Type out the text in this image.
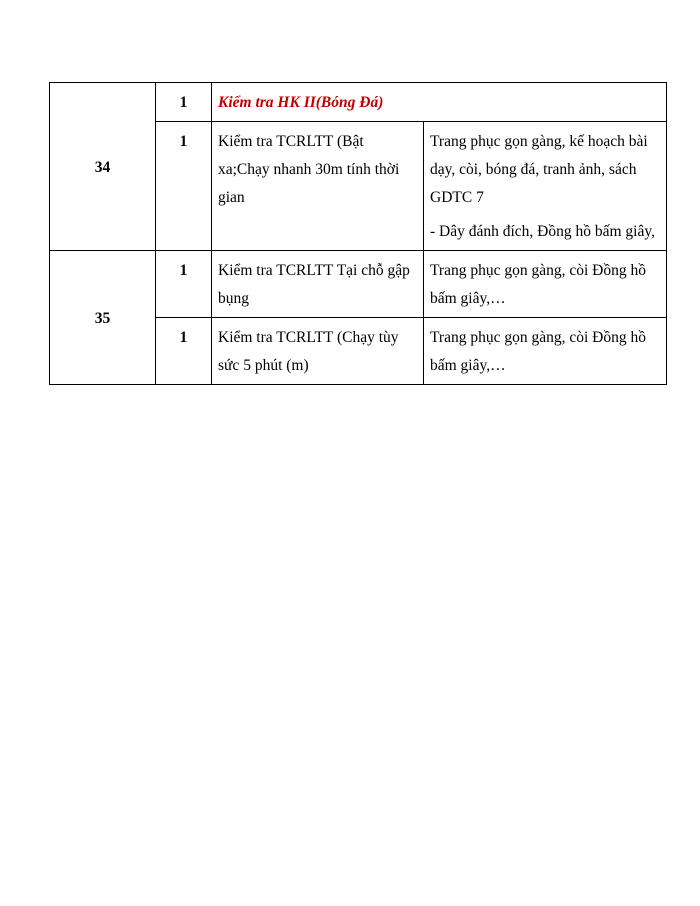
34	1	Kiểm tra HK II(Bóng Đá)	
	1	Kiểm tra TCRLTT (Bật xa;Chạy nhanh 30m tính thời gian	Trang phục gọn gàng, kế hoạch bài dạy, còi, bóng đá, tranh ảnh, sách GDTC 7
- Dây đánh đích, Đồng hồ bấm giây,

35	1	Kiểm tra TCRLTT Tại chỗ gập bụng	Trang phục gọn gàng, còi Đồng hồ bấm giây,…

	1	Kiểm tra TCRLTT (Chạy tùy sức 5 phút (m)	Trang phục gọn gàng, còi Đồng hồ bấm giây,…
